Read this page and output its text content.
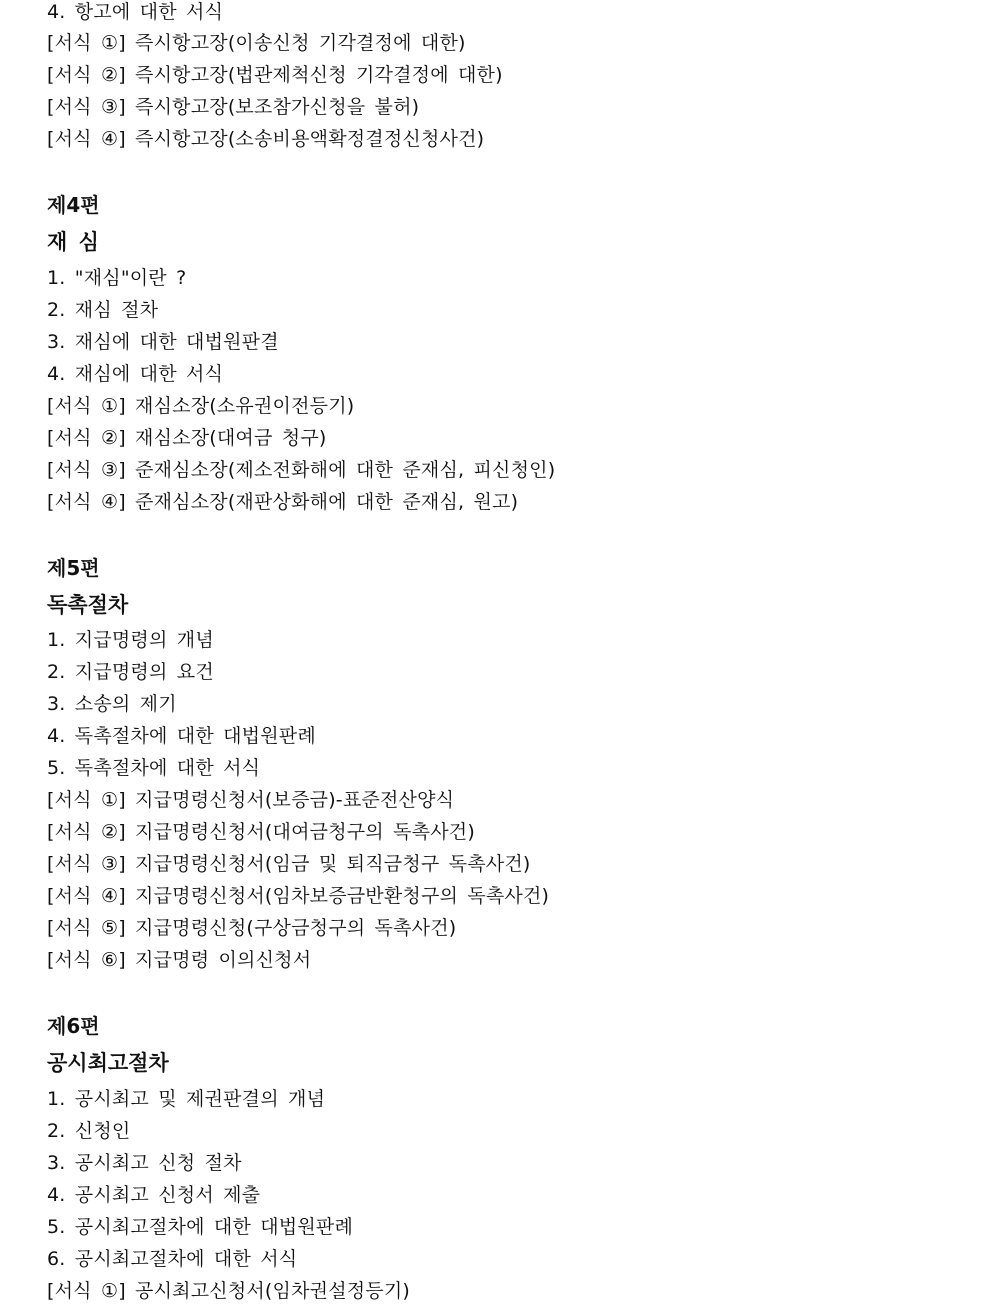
4. 항고에 대한 서식
[서식 ①] 즉시항고장(이송신청 기각결정에 대한)
[서식 ②] 즉시항고장(법관제척신청 기각결정에 대한)
[서식 ③] 즉시항고장(보조참가신청을 불허)
[서식 ④] 즉시항고장(소송비용액확정결정신청사건)
제4편
재 심
1. "재심"이란 ?
2. 재심 절차
3. 재심에 대한 대법원판결
4. 재심에 대한 서식
[서식 ①] 재심소장(소유권이전등기)
[서식 ②] 재심소장(대여금 청구)
[서식 ③] 준재심소장(제소전화해에 대한 준재심, 피신청인)
[서식 ④] 준재심소장(재판상화해에 대한 준재심, 원고)
제5편
독촉절차
1. 지급명령의 개념
2. 지급명령의 요건
3. 소송의 제기
4. 독촉절차에 대한 대법원판례
5. 독촉절차에 대한 서식
[서식 ①] 지급명령신청서(보증금)-표준전산양식
[서식 ②] 지급명령신청서(대여금청구의 독촉사건)
[서식 ③] 지급명령신청서(임금 및 퇴직금청구 독촉사건)
[서식 ④] 지급명령신청서(임차보증금반환청구의 독촉사건)
[서식 ⑤] 지급명령신청(구상금청구의 독촉사건)
[서식 ⑥] 지급명령 이의신청서
제6편
공시최고절차
1. 공시최고 및 제권판결의 개념
2. 신청인
3. 공시최고 신청 절차
4. 공시최고 신청서 제출
5. 공시최고절차에 대한 대법원판례
6. 공시최고절차에 대한 서식
[서식 ①] 공시최고신청서(임차권설정등기)
